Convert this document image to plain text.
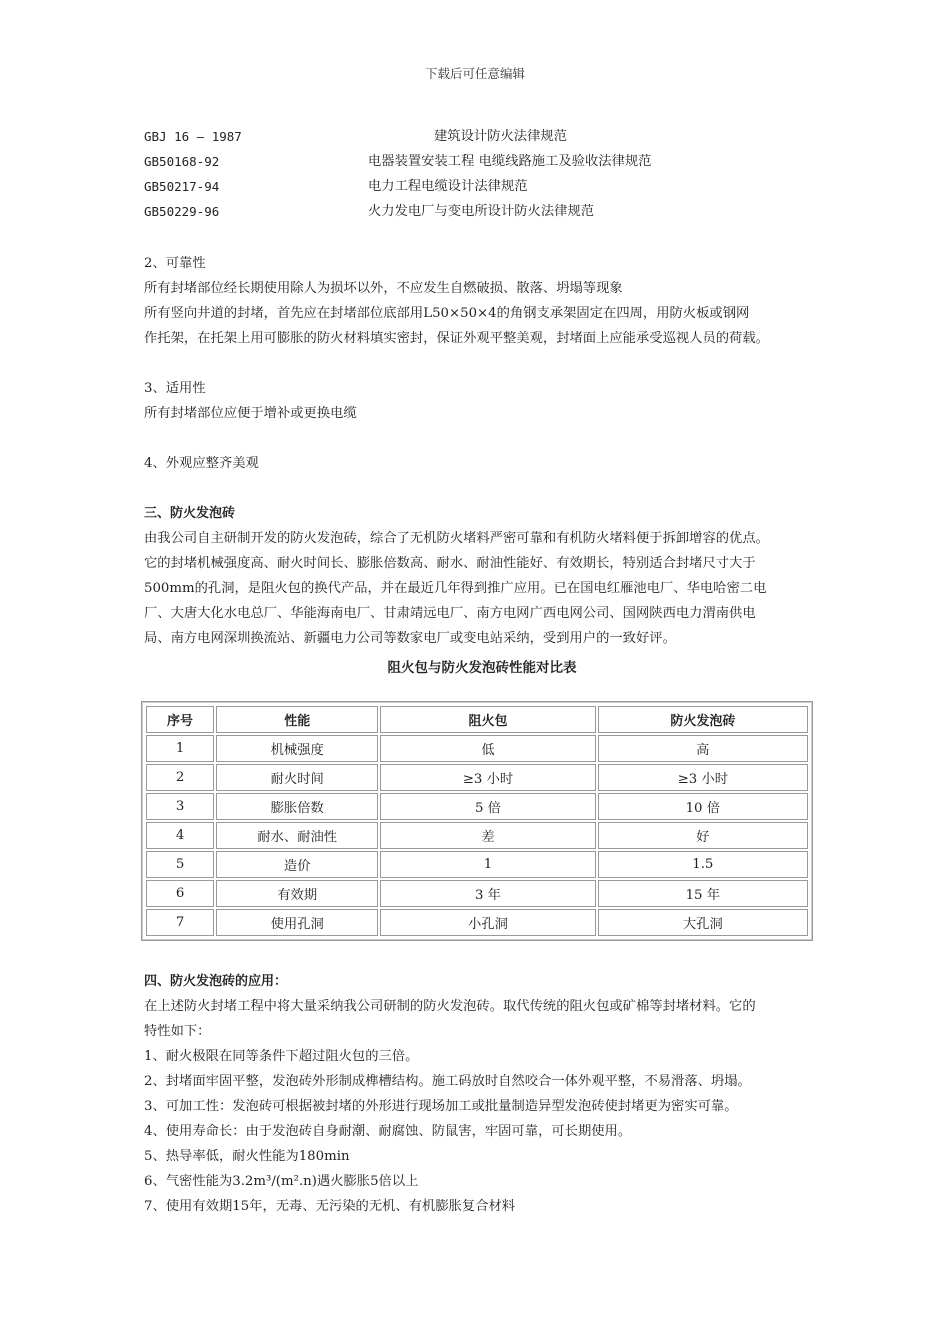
下载后可任意编辑
GBJ 16 – 1987	建筑设计防火法律规范
GB50168-92	电器装置安装工程 电缆线路施工及验收法律规范
GB50217-94	电力工程电缆设计法律规范
GB50229-96	火力发电厂与变电所设计防火法律规范
2、可靠性
所有封堵部位经长期使用除人为损坏以外，不应发生自燃破损、散落、坍塌等现象
所有竖向井道的封堵，首先应在封堵部位底部用L50×50×4的角钢支承架固定在四周，用防火板或钢网
作托架，在托架上用可膨胀的防火材料填实密封，保证外观平整美观，封堵面上应能承受巡视人员的荷载。
3、适用性
所有封堵部位应便于增补或更换电缆
4、外观应整齐美观
三、防火发泡砖
由我公司自主研制开发的防火发泡砖，综合了无机防火堵料严密可靠和有机防火堵料便于拆卸增容的优点。
它的封堵机械强度高、耐火时间长、膨胀倍数高、耐水、耐油性能好、有效期长，特别适合封堵尺寸大于
500mm的孔洞，是阻火包的换代产品，并在最近几年得到推广应用。已在国电红雁池电厂、华电哈密二电
厂、大唐大化水电总厂、华能海南电厂、甘肃靖远电厂、南方电网广西电网公司、国网陕西电力渭南供电
局、南方电网深圳换流站、新疆电力公司等数家电厂或变电站采纳，受到用户的一致好评。
阻火包与防火发泡砖性能对比表
序号	性能	阻火包	防火发泡砖
1	机械强度	低	高
2	耐火时间	≥3 小时	≥3 小时
3	膨胀倍数	5 倍	10 倍
4	耐水、耐油性	差	好
5	造价	1	1.5
6	有效期	3 年	15 年
7	使用孔洞	小孔洞	大孔洞
四、防火发泡砖的应用：
在上述防火封堵工程中将大量采纳我公司研制的防火发泡砖。取代传统的阻火包或矿棉等封堵材料。它的
特性如下：
1、耐火极限在同等条件下超过阻火包的三倍。
2、封堵面牢固平整，发泡砖外形制成榫槽结构。施工码放时自然咬合一体外观平整，不易滑落、坍塌。
3、可加工性：发泡砖可根据被封堵的外形进行现场加工或批量制造异型发泡砖使封堵更为密实可靠。
4、使用寿命长：由于发泡砖自身耐潮、耐腐蚀、防鼠害，牢固可靠，可长期使用。
5、热导率低，耐火性能为180min
6、气密性能为3.2m³/(m².n)遇火膨胀5倍以上
7、使用有效期15年，无毒、无污染的无机、有机膨胀复合材料
